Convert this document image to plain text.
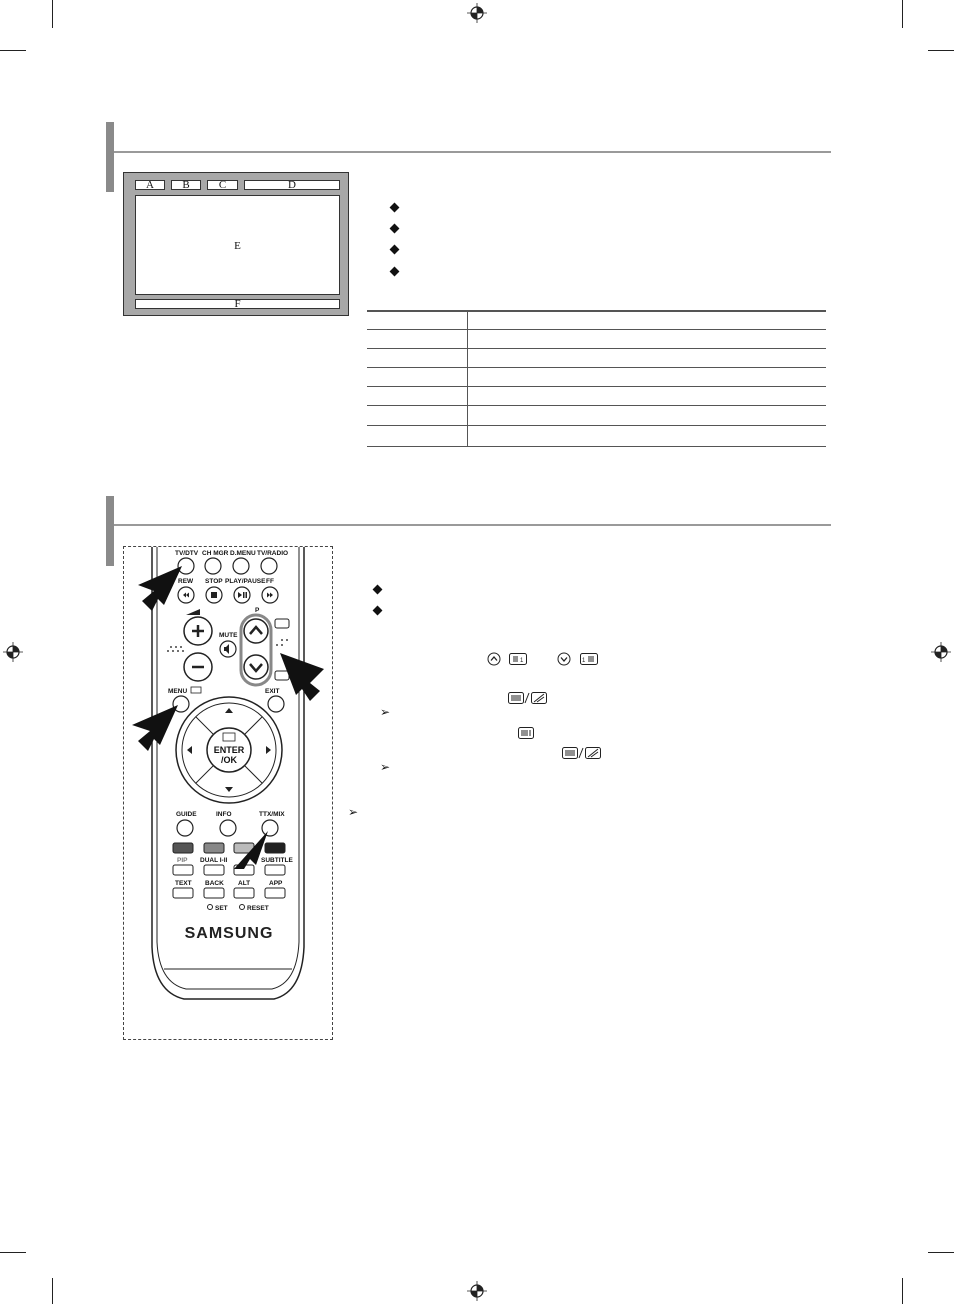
A	B	C	D
E
F
1	1
➢
➢
➢
TV/DTV CH MGR D.MENU TV/RADIO
REW STOP PLAY/PAUSE FF
MUTE
P
MENU	EXIT
ENTER
/OK
GUIDE	INFO	TTX/MIX
PIP DUAL I-II	SUBTITLE
TEXT BACK ALT	APP
SET	RESET
SAMSUNG
